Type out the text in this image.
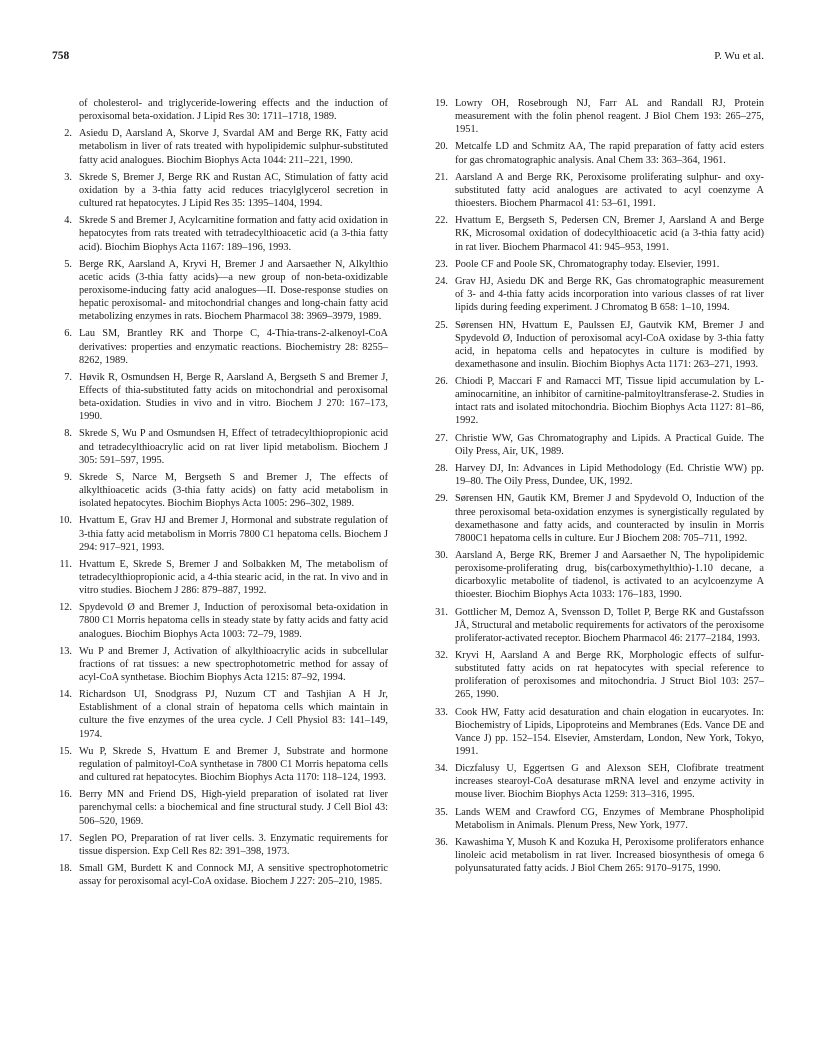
758	P. Wu et al.
of cholesterol- and triglyceride-lowering effects and the induction of peroxisomal beta-oxidation. J Lipid Res 30: 1711–1718, 1989.
2. Asiedu D, Aarsland A, Skorve J, Svardal AM and Berge RK, Fatty acid metabolism in liver of rats treated with hypolipidemic sulphur-substituted fatty acid analogues. Biochim Biophys Acta 1044: 211–221, 1990.
3. Skrede S, Bremer J, Berge RK and Rustan AC, Stimulation of fatty acid oxidation by a 3-thia fatty acid reduces triacylglycerol secretion in cultured rat hepatocytes. J Lipid Res 35: 1395–1404, 1994.
4. Skrede S and Bremer J, Acylcarnitine formation and fatty acid oxidation in hepatocytes from rats treated with tetradecylthioacetic acid (a 3-thia fatty acid). Biochim Biophys Acta 1167: 189–196, 1993.
5. Berge RK, Aarsland A, Kryvi H, Bremer J and Aarsaether N, Alkylthio acetic acids (3-thia fatty acids)—a new group of non-beta-oxidizable peroxisome-inducing fatty acid analogues—II. Dose-response studies on hepatic peroxisomal- and mitochondrial changes and long-chain fatty acid metabolizing enzymes in rats. Biochem Pharmacol 38: 3969–3979, 1989.
6. Lau SM, Brantley RK and Thorpe C, 4-Thia-trans-2-alkenoyl-CoA derivatives: properties and enzymatic reactions. Biochemistry 28: 8255–8262, 1989.
7. Høvik R, Osmundsen H, Berge R, Aarsland A, Bergseth S and Bremer J, Effects of thia-substituted fatty acids on mitochondrial and peroxisomal beta-oxidation. Studies in vivo and in vitro. Biochem J 270: 167–173, 1990.
8. Skrede S, Wu P and Osmundsen H, Effect of tetradecylthiopropionic acid and tetradecylthioacrylic acid on rat liver lipid metabolism. Biochem J 305: 591–597, 1995.
9. Skrede S, Narce M, Bergseth S and Bremer J, The effects of alkylthioacetic acids (3-thia fatty acids) on fatty acid metabolism in isolated hepatocytes. Biochim Biophys Acta 1005: 296–302, 1989.
10. Hvattum E, Grav HJ and Bremer J, Hormonal and substrate regulation of 3-thia fatty acid metabolism in Morris 7800 C1 hepatoma cells. Biochem J 294: 917–921, 1993.
11. Hvattum E, Skrede S, Bremer J and Solbakken M, The metabolism of tetradecylthiopropionic acid, a 4-thia stearic acid, in the rat. In vivo and in vitro studies. Biochem J 286: 879–887, 1992.
12. Spydevold Ø and Bremer J, Induction of peroxisomal beta-oxidation in 7800 C1 Morris hepatoma cells in steady state by fatty acids and fatty acid analogues. Biochim Biophys Acta 1003: 72–79, 1989.
13. Wu P and Bremer J, Activation of alkylthioacrylic acids in subcellular fractions of rat tissues: a new spectrophotometric method for assay of acyl-CoA synthetase. Biochim Biophys Acta 1215: 87–92, 1994.
14. Richardson UI, Snodgrass PJ, Nuzum CT and Tashjian A H Jr, Establishment of a clonal strain of hepatoma cells which maintain in culture the five enzymes of the urea cycle. J Cell Physiol 83: 141–149, 1974.
15. Wu P, Skrede S, Hvattum E and Bremer J, Substrate and hormone regulation of palmitoyl-CoA synthetase in 7800 C1 Morris hepatoma cells and cultured rat hepatocytes. Biochim Biophys Acta 1170: 118–124, 1993.
16. Berry MN and Friend DS, High-yield preparation of isolated rat liver parenchymal cells: a biochemical and fine structural study. J Cell Biol 43: 506–520, 1969.
17. Seglen PO, Preparation of rat liver cells. 3. Enzymatic requirements for tissue dispersion. Exp Cell Res 82: 391–398, 1973.
18. Small GM, Burdett K and Connock MJ, A sensitive spectrophotometric assay for peroxisomal acyl-CoA oxidase. Biochem J 227: 205–210, 1985.
19. Lowry OH, Rosebrough NJ, Farr AL and Randall RJ, Protein measurement with the folin phenol reagent. J Biol Chem 193: 265–275, 1951.
20. Metcalfe LD and Schmitz AA, The rapid preparation of fatty acid esters for gas chromatographic analysis. Anal Chem 33: 363–364, 1961.
21. Aarsland A and Berge RK, Peroxisome proliferating sulphur- and oxy-substituted fatty acid analogues are activated to acyl coenzyme A thioesters. Biochem Pharmacol 41: 53–61, 1991.
22. Hvattum E, Bergseth S, Pedersen CN, Bremer J, Aarsland A and Berge RK, Microsomal oxidation of dodecylthioacetic acid (a 3-thia fatty acid) in rat liver. Biochem Pharmacol 41: 945–953, 1991.
23. Poole CF and Poole SK, Chromatography today. Elsevier, 1991.
24. Grav HJ, Asiedu DK and Berge RK, Gas chromatographic measurement of 3- and 4-thia fatty acids incorporation into various classes of rat liver lipids during feeding experiment. J Chromatog B 658: 1–10, 1994.
25. Sørensen HN, Hvattum E, Paulssen EJ, Gautvik KM, Bremer J and Spydevold Ø, Induction of peroxisomal acyl-CoA oxidase by 3-thia fatty acid, in hepatoma cells and hepatocytes in culture is modified by dexamethasone and insulin. Biochim Biophys Acta 1171: 263–271, 1993.
26. Chiodi P, Maccari F and Ramacci MT, Tissue lipid accumulation by L-aminocarnitine, an inhibitor of carnitine-palmitoyltransferase-2. Studies in intact rats and isolated mitochondria. Biochim Biophys Acta 1127: 81–86, 1992.
27. Christie WW, Gas Chromatography and Lipids. A Practical Guide. The Oily Press, Air, UK, 1989.
28. Harvey DJ, In: Advances in Lipid Methodology (Ed. Christie WW) pp. 19–80. The Oily Press, Dundee, UK, 1992.
29. Sørensen HN, Gautik KM, Bremer J and Spydevold O, Induction of the three peroxisomal beta-oxidation enzymes is synergistically regulated by dexamethasone and fatty acids, and counteracted by insulin in Morris 7800C1 hepatoma cells in culture. Eur J Biochem 208: 705–711, 1992.
30. Aarsland A, Berge RK, Bremer J and Aarsaether N, The hypolipidemic peroxisome-proliferating drug, bis(carboxymethylthio)-1.10 decane, a dicarboxylic metabolite of tiadenol, is activated to an acylcoenzyme A thioester. Biochim Biophys Acta 1033: 176–183, 1990.
31. Gottlicher M, Demoz A, Svensson D, Tollet P, Berge RK and Gustafsson JÅ, Structural and metabolic requirements for activators of the peroxisome proliferator-activated receptor. Biochem Pharmacol 46: 2177–2184, 1993.
32. Kryvi H, Aarsland A and Berge RK, Morphologic effects of sulfur-substituted fatty acids on rat hepatocytes with special reference to proliferation of peroxisomes and mitochondria. J Struct Biol 103: 257–265, 1990.
33. Cook HW, Fatty acid desaturation and chain elogation in eucaryotes. In: Biochemistry of Lipids, Lipoproteins and Membranes (Eds. Vance DE and Vance J) pp. 152–154. Elsevier, Amsterdam, London, New York, Tokyo, 1991.
34. Diczfalusy U, Eggertsen G and Alexson SEH, Clofibrate treatment increases stearoyl-CoA desaturase mRNA level and enzyme activity in mouse liver. Biochim Biophys Acta 1259: 313–316, 1995.
35. Lands WEM and Crawford CG, Enzymes of Membrane Phospholipid Metabolism in Animals. Plenum Press, New York, 1977.
36. Kawashima Y, Musoh K and Kozuka H, Peroxisome proliferators enhance linoleic acid metabolism in rat liver. Increased biosynthesis of omega 6 polyunsaturated fatty acids. J Biol Chem 265: 9170–9175, 1990.
